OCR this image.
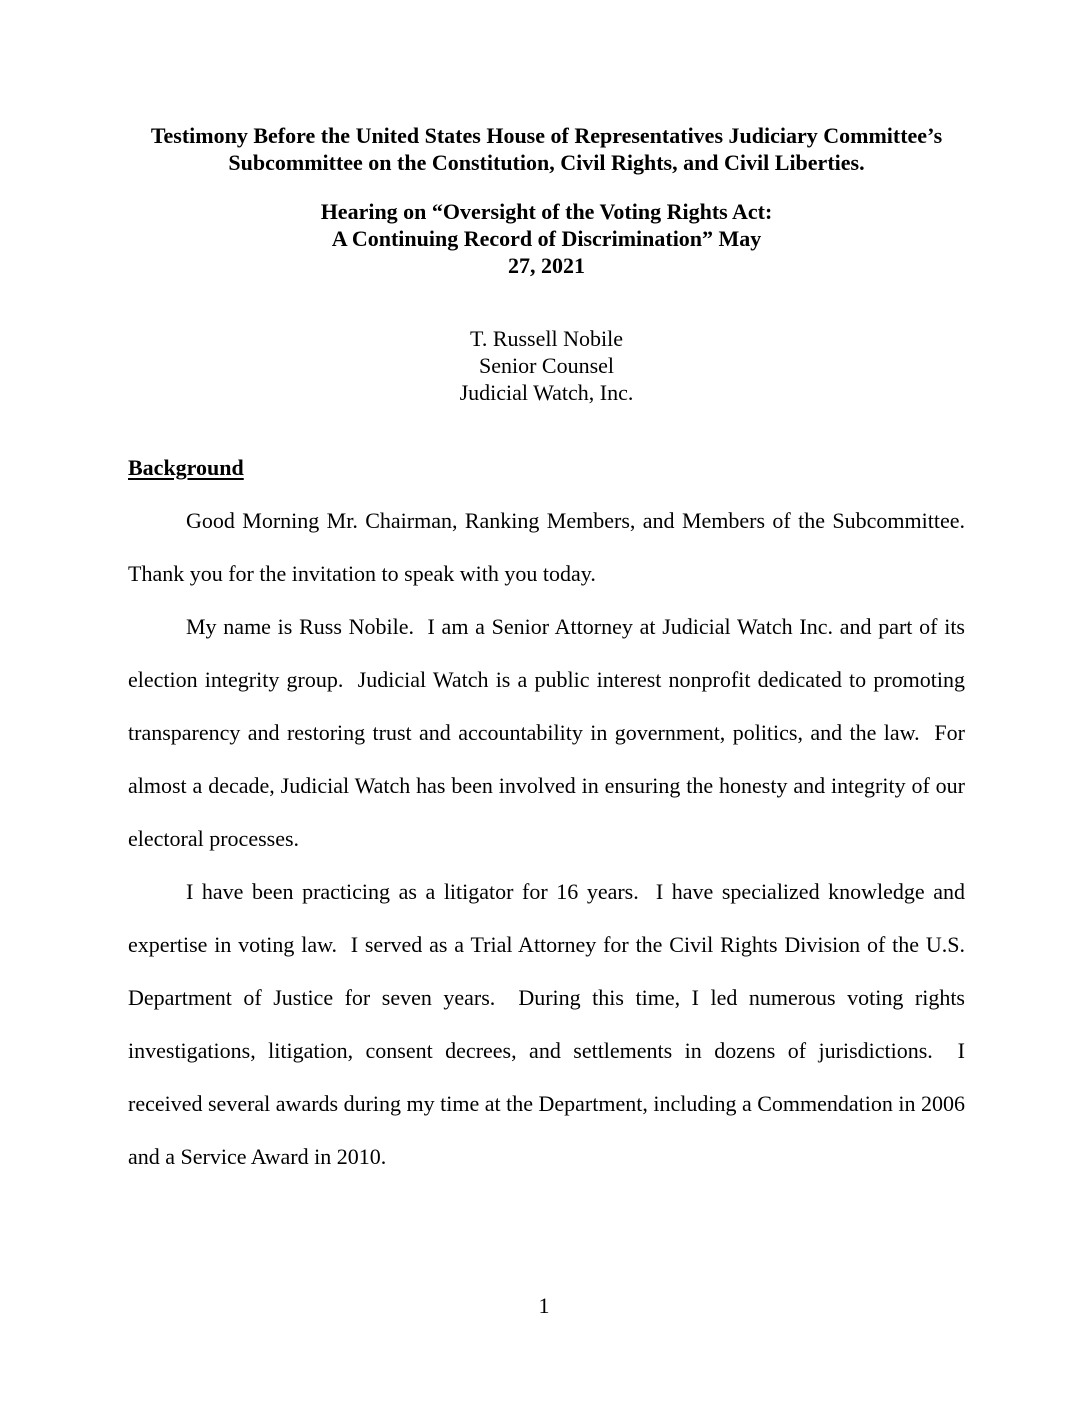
Testimony Before the United States House of Representatives Judiciary Committee’s
Subcommittee on the Constitution, Civil Rights, and Civil Liberties.
Hearing on “Oversight of the Voting Rights Act:
A Continuing Record of Discrimination” May
27, 2021
T. Russell Nobile
Senior Counsel
Judicial Watch, Inc.
Background

Good Morning Mr. Chairman, Ranking Members, and Members of the Subcommittee.  Thank you for the invitation to speak with you today.

My name is Russ Nobile.  I am a Senior Attorney at Judicial Watch Inc. and part of its election integrity group.  Judicial Watch is a public interest nonprofit dedicated to promoting transparency and restoring trust and accountability in government, politics, and the law.  For almost a decade, Judicial Watch has been involved in ensuring the honesty and integrity of our electoral processes.

I have been practicing as a litigator for 16 years.  I have specialized knowledge and expertise in voting law.  I served as a Trial Attorney for the Civil Rights Division of the U.S. Department of Justice for seven years.  During this time, I led numerous voting rights investigations, litigation, consent decrees, and settlements in dozens of jurisdictions.  I received several awards during my time at the Department, including a Commendation in 2006 and a Service Award in 2010.

1
